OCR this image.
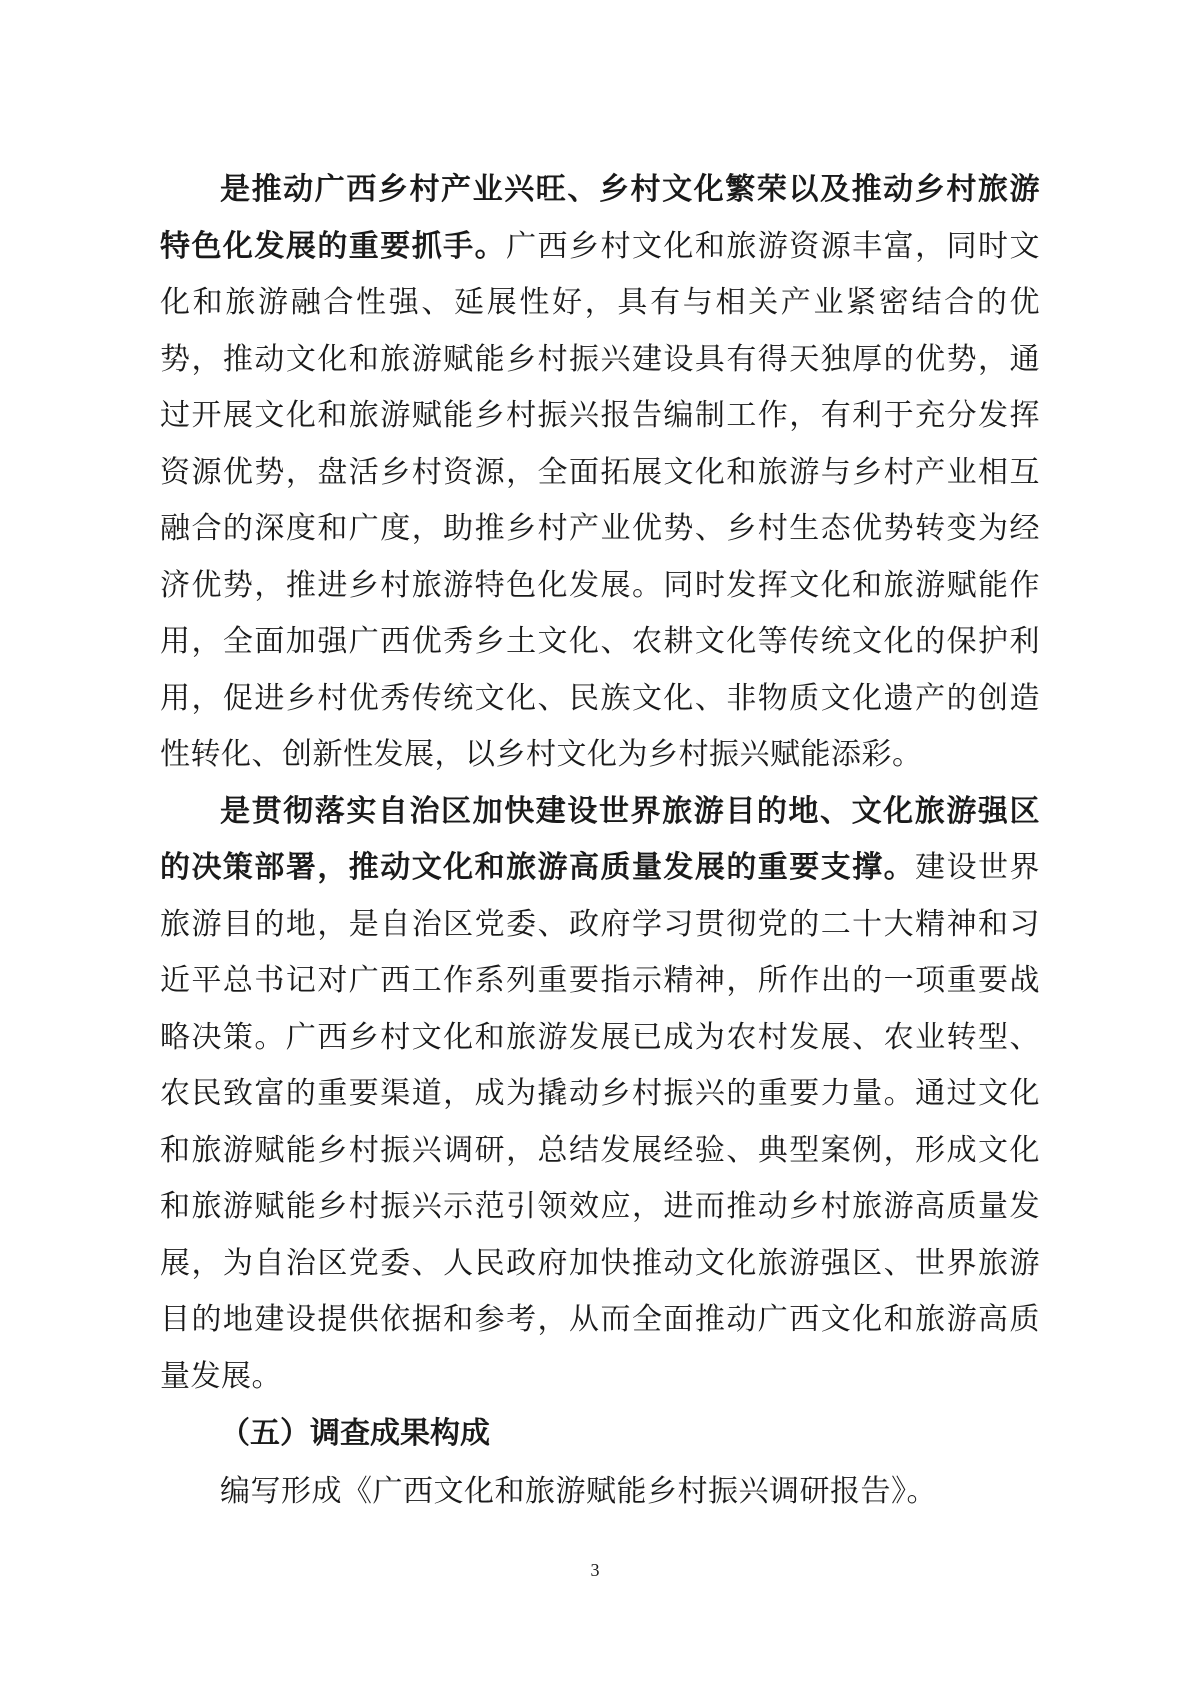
是推动广西乡村产业兴旺、乡村文化繁荣以及推动乡村旅游特色化发展的重要抓手。广西乡村文化和旅游资源丰富，同时文化和旅游融合性强、延展性好，具有与相关产业紧密结合的优势，推动文化和旅游赋能乡村振兴建设具有得天独厚的优势，通过开展文化和旅游赋能乡村振兴报告编制工作，有利于充分发挥资源优势，盘活乡村资源，全面拓展文化和旅游与乡村产业相互融合的深度和广度，助推乡村产业优势、乡村生态优势转变为经济优势，推进乡村旅游特色化发展。同时发挥文化和旅游赋能作用，全面加强广西优秀乡土文化、农耕文化等传统文化的保护利用，促进乡村优秀传统文化、民族文化、非物质文化遗产的创造性转化、创新性发展，以乡村文化为乡村振兴赋能添彩。

是贯彻落实自治区加快建设世界旅游目的地、文化旅游强区的决策部署，推动文化和旅游高质量发展的重要支撑。建设世界旅游目的地，是自治区党委、政府学习贯彻党的二十大精神和习近平总书记对广西工作系列重要指示精神，所作出的一项重要战略决策。广西乡村文化和旅游发展已成为农村发展、农业转型、农民致富的重要渠道，成为撬动乡村振兴的重要力量。通过文化和旅游赋能乡村振兴调研，总结发展经验、典型案例，形成文化和旅游赋能乡村振兴示范引领效应，进而推动乡村旅游高质量发展，为自治区党委、人民政府加快推动文化旅游强区、世界旅游目的地建设提供依据和参考，从而全面推动广西文化和旅游高质量发展。

（五）调查成果构成

编写形成《广西文化和旅游赋能乡村振兴调研报告》。

3
